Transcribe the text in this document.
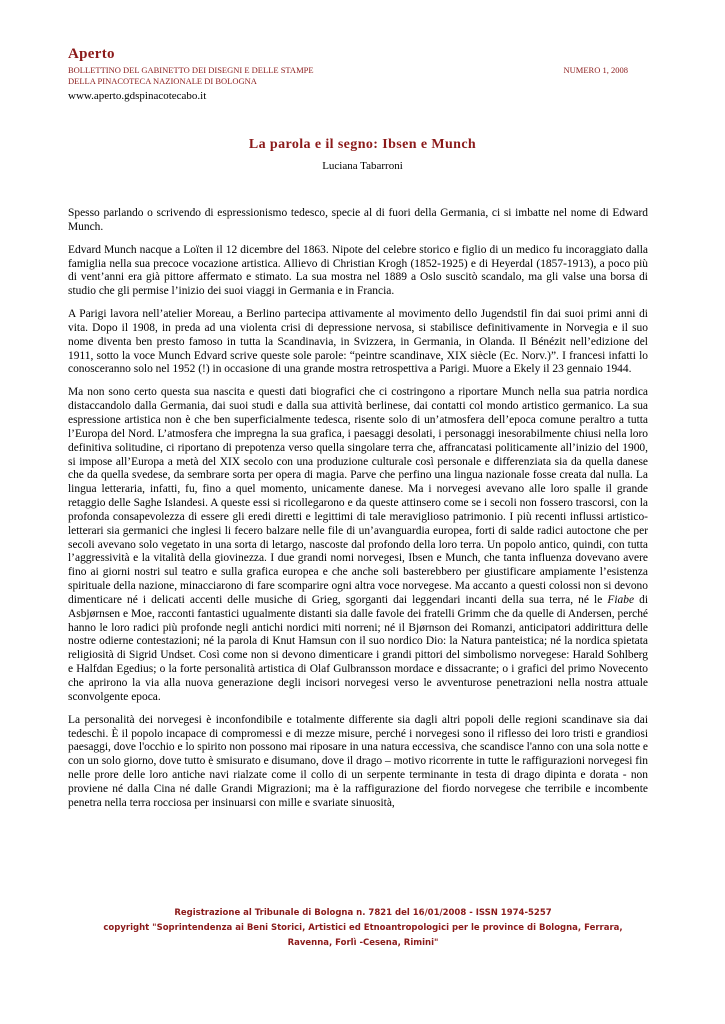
Aperto
BOLLETTINO DEL GABINETTO DEI DISEGNI E DELLE STAMPE
DELLA PINACOTECA NAZIONALE DI BOLOGNA
NUMERO 1, 2008
www.aperto.gdspinacotecabo.it
La parola e il segno: Ibsen e Munch

Luciana Tabarroni

Spesso parlando o scrivendo di espressionismo tedesco, specie al di fuori della Germania, ci si imbatte nel nome di Edward Munch.

Edvard Munch nacque a Loïten il 12 dicembre del 1863. Nipote del celebre storico e figlio di un medico fu incoraggiato dalla famiglia nella sua precoce vocazione artistica. Allievo di Christian Krogh (1852-1925) e di Heyerdal (1857-1913), a poco più di vent’anni era già pittore affermato e stimato. La sua mostra nel 1889 a Oslo suscitò scandalo, ma gli valse una borsa di studio che gli permise l’inizio dei suoi viaggi in Germania e in Francia.

A Parigi lavora nell’atelier Moreau, a Berlino partecipa attivamente al movimento dello Jugendstil fin dai suoi primi anni di vita. Dopo il 1908, in preda ad una violenta crisi di depressione nervosa, si stabilisce definitivamente in Norvegia e il suo nome diventa ben presto famoso in tutta la Scandinavia, in Svizzera, in Germania, in Olanda. Il Bénézit nell’edizione del 1911, sotto la voce Munch Edvard scrive queste sole parole: “peintre scandinave, XIX siècle (Ec. Norv.)”. I francesi infatti lo conosceranno solo nel 1952 (!) in occasione di una grande mostra retrospettiva a Parigi. Muore a Ekely il 23 gennaio 1944.

Ma non sono certo questa sua nascita e questi dati biografici che ci costringono a riportare Munch nella sua patria nordica distaccandolo dalla Germania, dai suoi studi e dalla sua attività berlinese, dai contatti col mondo artistico germanico. La sua espressione artistica non è che ben superficialmente tedesca, risente solo di un’atmosfera dell’epoca comune peraltro a tutta l’Europa del Nord. L’atmosfera che impregna la sua grafica, i paesaggi desolati, i personaggi inesorabilmente chiusi nella loro definitiva solitudine, ci riportano di prepotenza verso quella singolare terra che, affrancatasi politicamente all’inizio del 1900, si impose all’Europa a metà del XIX secolo con una produzione culturale così personale e differenziata sia da quella danese che da quella svedese, da sembrare sorta per opera di magia. Parve che perfino una lingua nazionale fosse creata dal nulla. La lingua letteraria, infatti, fu, fino a quel momento, unicamente danese. Ma i norvegesi avevano alle loro spalle il grande retaggio delle Saghe Islandesi. A queste essi si ricollegarono e da queste attinsero come se i secoli non fossero trascorsi, con la profonda consapevolezza di essere gli eredi diretti e legittimi di tale meraviglioso patrimonio. I più recenti influssi artistico-letterari sia germanici che inglesi li fecero balzare nelle file di un’avanguardia europea, forti di salde radici autoctone che per secoli avevano solo vegetato in una sorta di letargo, nascoste dal profondo della loro terra. Un popolo antico, quindi, con tutta l’aggressività e la vitalità della giovinezza. I due grandi nomi norvegesi, Ibsen e Munch, che tanta influenza dovevano avere fino ai giorni nostri sul teatro e sulla grafica europea e che anche soli basterebbero per giustificare ampiamente l’esistenza spirituale della nazione, minacciarono di fare scomparire ogni altra voce norvegese. Ma accanto a questi colossi non si devono dimenticare né i delicati accenti delle musiche di Grieg, sgorganti dai leggendari incanti della sua terra, né le Fiabe di Asbjørnsen e Moe, racconti fantastici ugualmente distanti sia dalle favole dei fratelli Grimm che da quelle di Andersen, perché hanno le loro radici più profonde negli antichi nordici miti norreni; né il Bjørnson dei Romanzi, anticipatori addirittura delle nostre odierne contestazioni; né la parola di Knut Hamsun con il suo nordico Dio: la Natura panteistica; né la nordica spietata religiosità di Sigrid Undset. Così come non si devono dimenticare i grandi pittori del simbolismo norvegese: Harald Sohlberg e Halfdan Egedius; o la forte personalità artistica di Olaf Gulbransson mordace e dissacrante; o i grafici del primo Novecento che aprirono la via alla nuova generazione degli incisori norvegesi verso le avventurose penetrazioni nella nostra attuale sconvolgente epoca.

La personalità dei norvegesi è inconfondibile e totalmente differente sia dagli altri popoli delle regioni scandinave sia dai tedeschi. È il popolo incapace di compromessi e di mezze misure, perché i norvegesi sono il riflesso dei loro tristi e grandiosi paesaggi, dove l'occhio e lo spirito non possono mai riposare in una natura eccessiva, che scandisce l'anno con una sola notte e con un solo giorno, dove tutto è smisurato e disumano, dove il drago – motivo ricorrente in tutte le raffigurazioni norvegesi fin nelle prore delle loro antiche navi rialzate come il collo di un serpente terminante in testa di drago dipinta e dorata - non proviene né dalla Cina né dalle Grandi Migrazioni; ma è la raffigurazione del fiordo norvegese che terribile e incombente penetra nella terra rocciosa per insinuarsi con mille e svariate sinuosità,

Registrazione al Tribunale di Bologna n. 7821 del 16/01/2008 - ISSN 1974-5257
copyright "Soprintendenza ai Beni Storici, Artistici ed Etnoantropologici per le province di Bologna, Ferrara,
Ravenna, Forlì -Cesena, Rimini"
